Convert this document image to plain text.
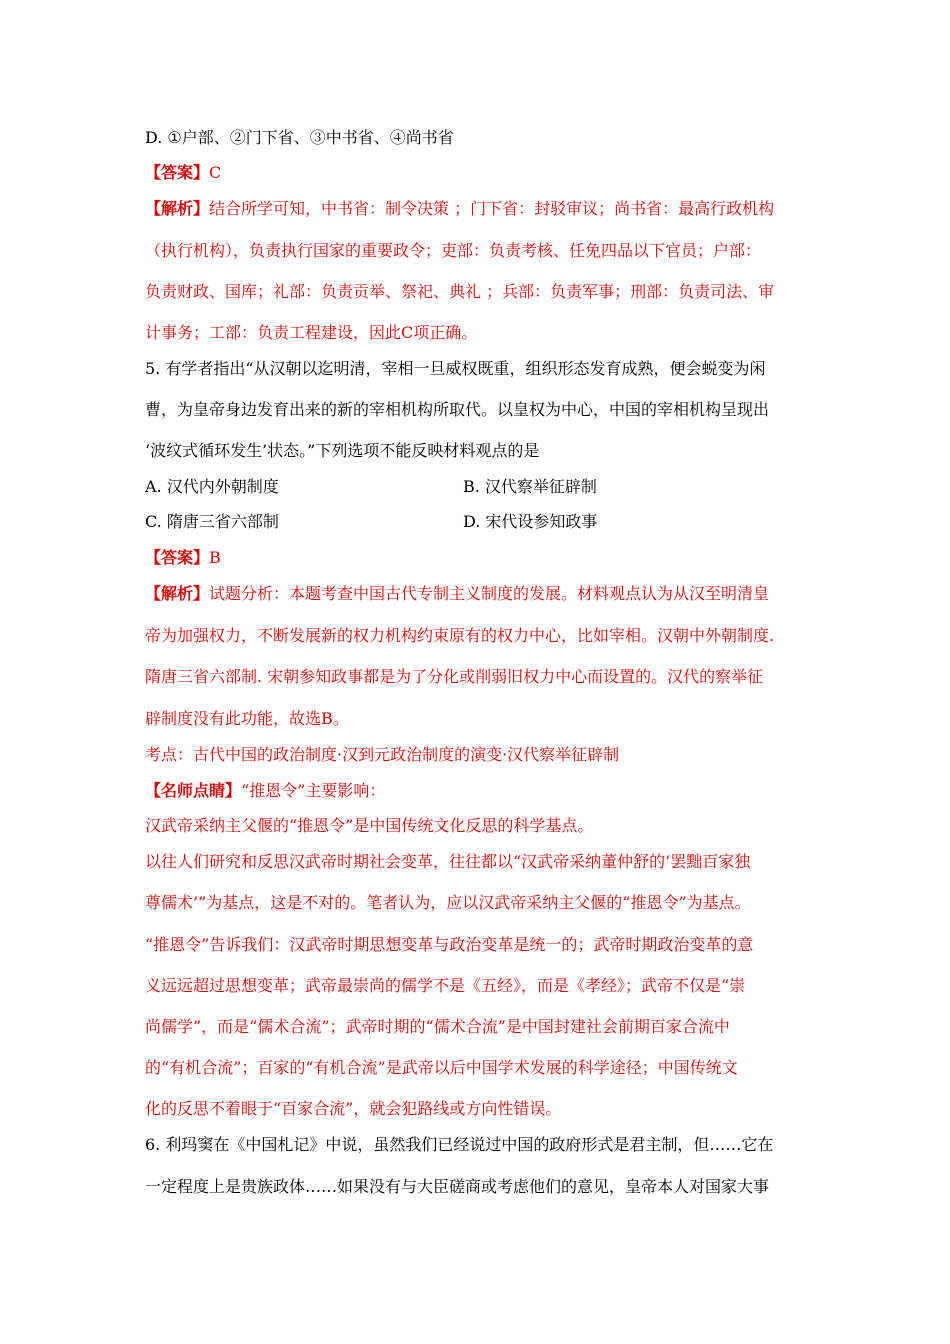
D. ①户部、②门下省、③中书省、④尚书省
【答案】C
【解析】结合所学可知，中书省：制令决策 ；门下省：封驳审议；尚书省：最高行政机构
（执行机构），负责执行国家的重要政令；吏部：负责考核、任免四品以下官员；户部：
负责财政、国库；礼部：负责贡举、祭祀、典礼 ；兵部：负责军事；刑部：负责司法、审
计事务；工部：负责工程建设，因此C项正确。
5. 有学者指出“从汉朝以迄明清，宰相一旦威权既重，组织形态发育成熟，便会蜕变为闲
曹，为皇帝身边发育出来的新的宰相机构所取代。以皇权为中心，中国的宰相机构呈现出
‘波纹式循环发生’状态。”下列选项不能反映材料观点的是
A. 汉代内外朝制度	B. 汉代察举征辟制
C. 隋唐三省六部制	D. 宋代设参知政事
【答案】B
【解析】试题分析：本题考查中国古代专制主义制度的发展。材料观点认为从汉至明清皇
帝为加强权力，不断发展新的权力机构约束原有的权力中心，比如宰相。汉朝中外朝制度.
隋唐三省六部制. 宋朝参知政事都是为了分化或削弱旧权力中心而设置的。汉代的察举征
辟制度没有此功能，故选B。
考点：古代中国的政治制度·汉到元政治制度的演变·汉代察举征辟制
【名师点睛】“推恩令”主要影响：
汉武帝采纳主父偃的“推恩令”是中国传统文化反思的科学基点。
以往人们研究和反思汉武帝时期社会变革，往往都以“汉武帝采纳董仲舒的‘罢黜百家独
尊儒术’”为基点，这是不对的。笔者认为，应以汉武帝采纳主父偃的“推恩令”为基点。
“推恩令”告诉我们：汉武帝时期思想变革与政治变革是统一的；武帝时期政治变革的意
义远远超过思想变革；武帝最崇尚的儒学不是《五经》，而是《孝经》；武帝不仅是“崇
尚儒学”，而是“儒术合流”；武帝时期的“儒术合流”是中国封建社会前期百家合流中
的“有机合流”；百家的“有机合流”是武帝以后中国学术发展的科学途径；中国传统文
化的反思不着眼于“百家合流”，就会犯路线或方向性错误。
6. 利玛窦在《中国札记》中说，虽然我们已经说过中国的政府形式是君主制，但……它在
一定程度上是贵族政体……如果没有与大臣磋商或考虑他们的意见，皇帝本人对国家大事
